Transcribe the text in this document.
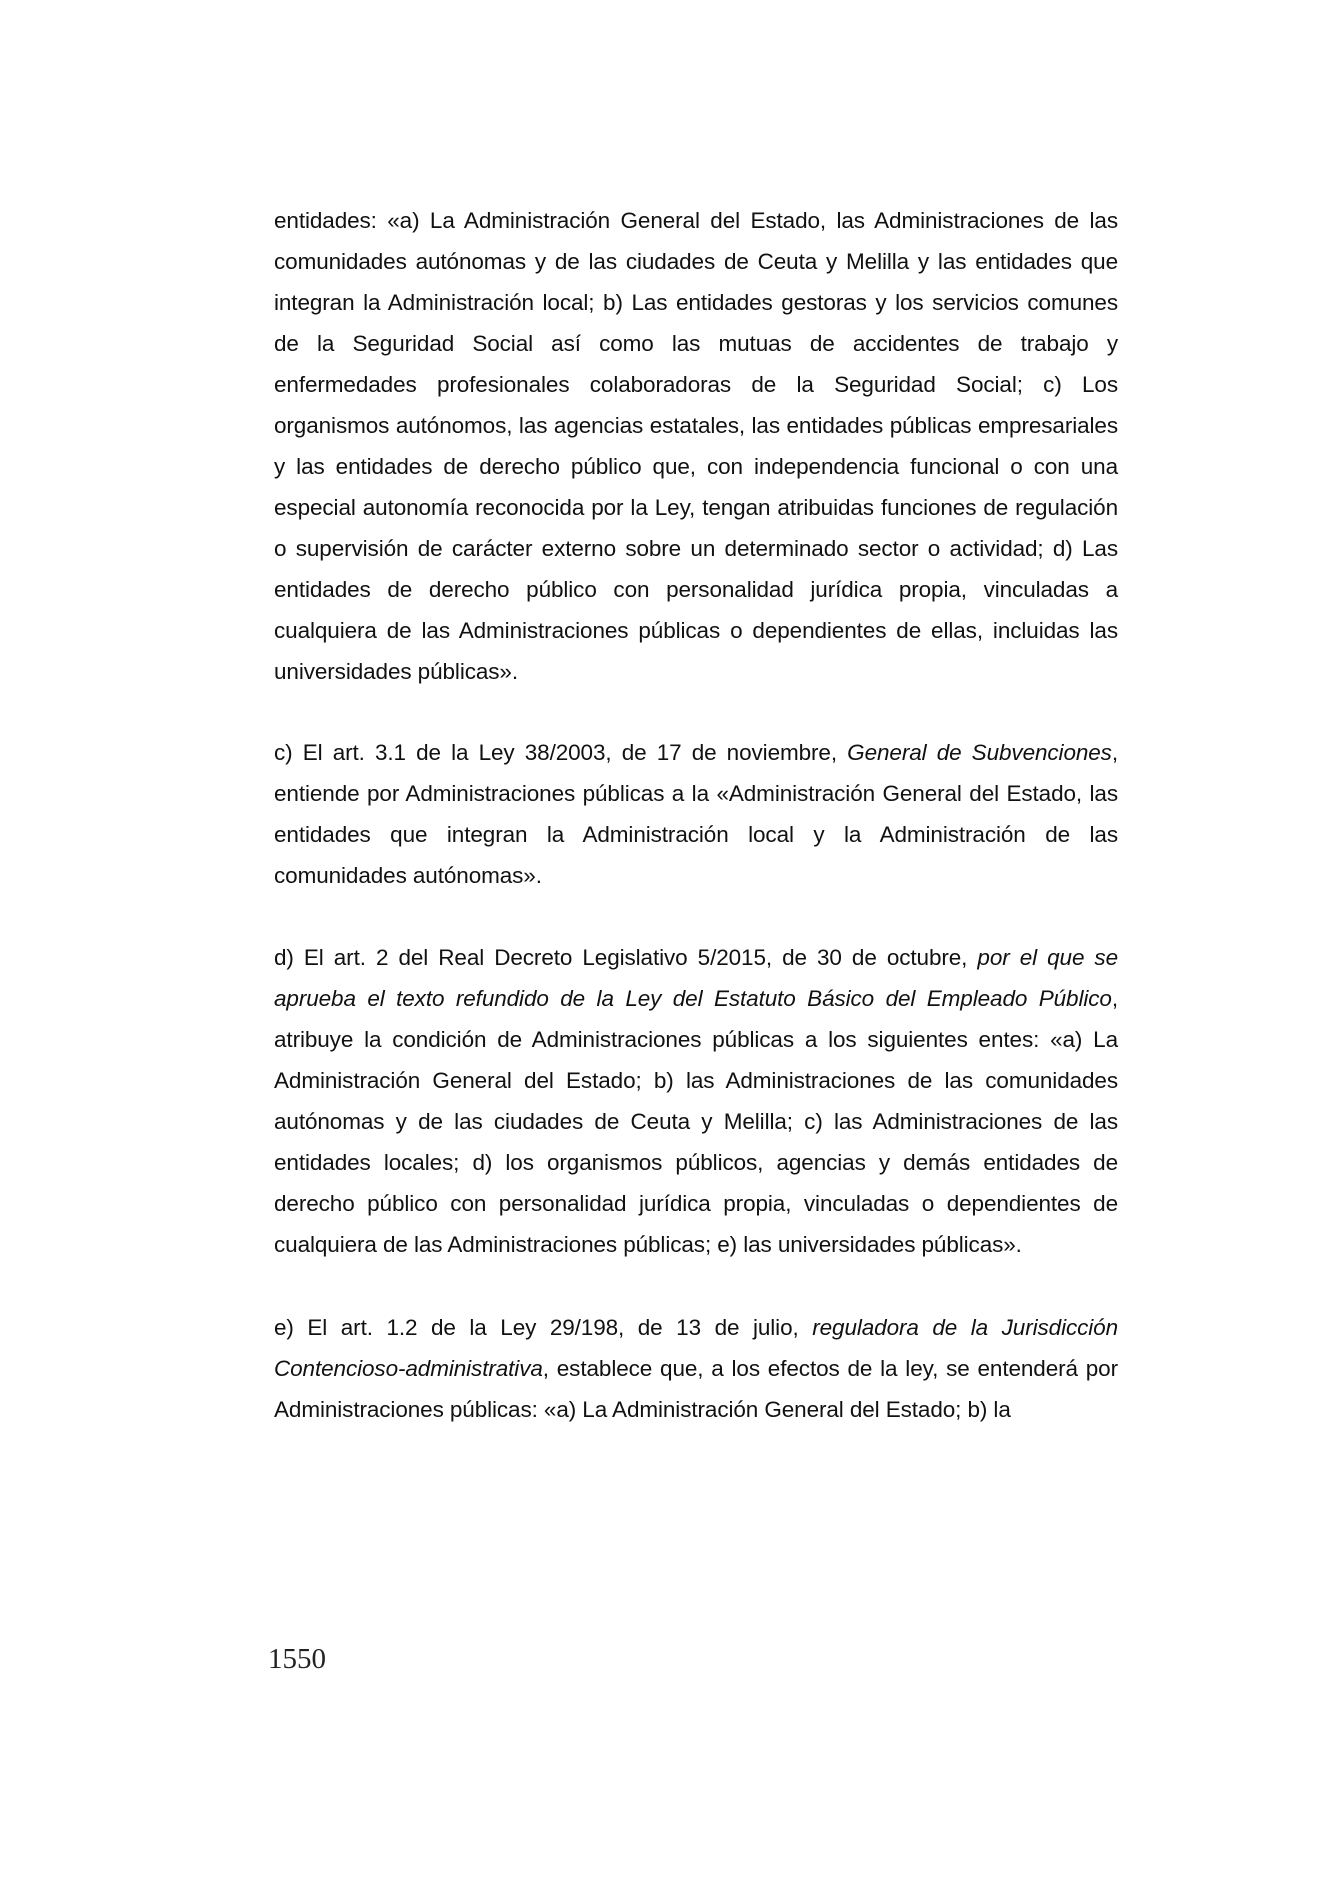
entidades: «a) La Administración General del Estado, las Administraciones de las comunidades autónomas y de las ciudades de Ceuta y Melilla y las entidades que integran la Administración local; b) Las entidades gestoras y los servicios comunes de la Seguridad Social así como las mutuas de accidentes de trabajo y enfermedades profesionales colaboradoras de la Seguridad Social; c) Los organismos autónomos, las agencias estatales, las entidades públicas empresariales y las entidades de derecho público que, con independencia funcional o con una especial autonomía reconocida por la Ley, tengan atribuidas funciones de regulación o supervisión de carácter externo sobre un determinado sector o actividad; d) Las entidades de derecho público con personalidad jurídica propia, vinculadas a cualquiera de las Administraciones públicas o dependientes de ellas, incluidas las universidades públicas».

c) El art. 3.1 de la Ley 38/2003, de 17 de noviembre, General de Subvenciones, entiende por Administraciones públicas a la «Administración General del Estado, las entidades que integran la Administración local y la Administración de las comunidades autónomas».

d) El art. 2 del Real Decreto Legislativo 5/2015, de 30 de octubre, por el que se aprueba el texto refundido de la Ley del Estatuto Básico del Empleado Público, atribuye la condición de Administraciones públicas a los siguientes entes: «a) La Administración General del Estado; b) las Administraciones de las comunidades autónomas y de las ciudades de Ceuta y Melilla; c) las Administraciones de las entidades locales; d) los organismos públicos, agencias y demás entidades de derecho público con personalidad jurídica propia, vinculadas o dependientes de cualquiera de las Administraciones públicas; e) las universidades públicas».

e) El art. 1.2 de la Ley 29/198, de 13 de julio, reguladora de la Jurisdicción Contencioso-administrativa, establece que, a los efectos de la ley, se entenderá por Administraciones públicas: «a) La Administración General del Estado; b) la

1550
